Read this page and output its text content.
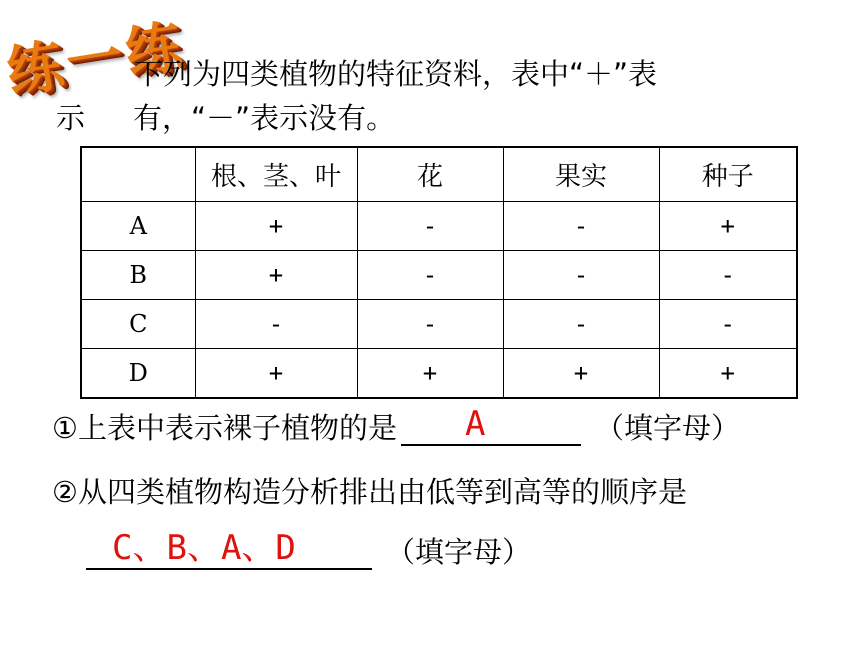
练一练
下列为四类植物的特征资料，表中“＋”表
示 有，“－”表示没有。
	根、茎、叶	花	果实	种子
A	+	-	-	+
B	+	-	-	-
C	-	-	-	-
D	+	+	+	+
①上表中表示裸子植物的是	A	（填字母）
②从四类植物构造分析排出由低等到高等的顺序是
C、B、A、D	（填字母）
